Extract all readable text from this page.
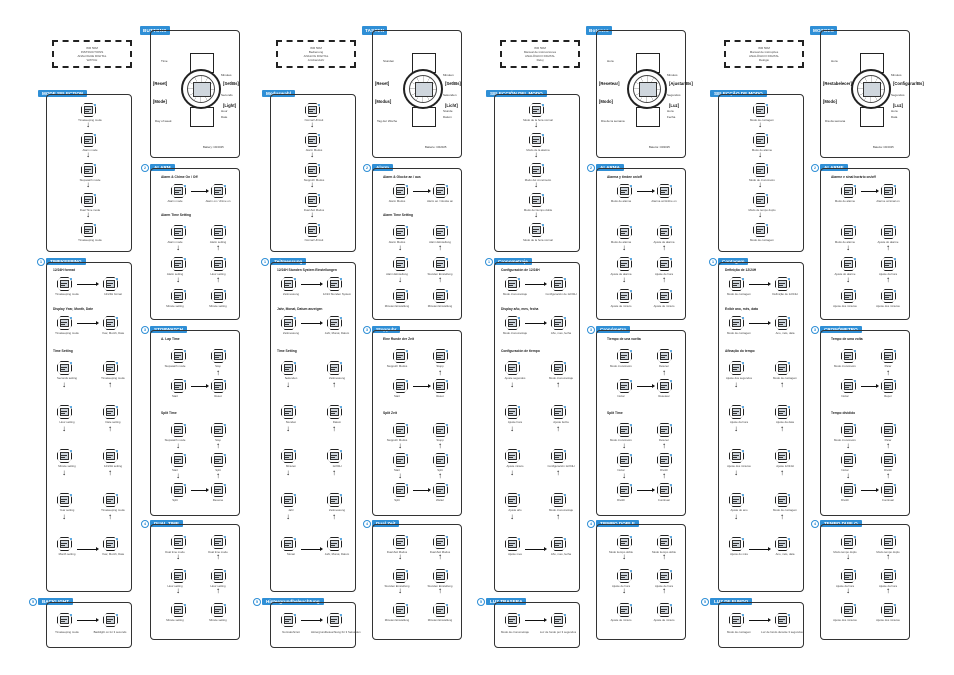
WR 50M
INSTRUCTIONS
ANALOGUE DIGITAL
WATCH
BUTTONS
[Reset]
[Mode]
[Set/Bs]
[Light]
Time
Day of week
Minutes
Seconds
Hour
Date
Battery: CR2025
MODE SELECTION
Timekeeping mode
↓
Alarm mode
↓
Stopwatch mode
↓
Dual Time mode
↓
Timekeeping mode
1	TIMEKEEPING
12/24H format
Timekeeping mode	12/24H format
Display Year, Month, Date
Timekeeping mode	Year, Month, Date
Time Setting
Seconds setting	Timekeeping mode
↓	↑
Hour setting	Date setting
↓	↑
Minute setting	12/24H setting
↓	↑
Year setting	Timekeeping mode
↓	↑
Month setting	Year, Month, Date
5	BACKLIGHT
Timekeeping mode	Backlight on for 3 seconds
2	ALARM
Alarm & Chime On / Off
Alarm mode	Alarm on / chime on
Alarm Time Setting
Alarm mode	Alarm setting
↓	↑
Alarm setting	Hour setting
↓	↑
Minute setting	Minute setting
3	STOPWATCH
A. Lap Time
Stopwatch mode	Stop
↑
Start	Reset
Split Time
Stopwatch mode	Stop
↓	↑
Start	Split
↓	↑
Split	Resume
4	DUAL TIME
Dual time mode	Dual time mode
↓	↑
Hour setting	Hour setting
↓	↑
Minute setting	Minute setting
WR 50M
Bedienung
ANALOG DIGITAL
Armbanduhr
TASTEN
[Reset]
[Modus]
[Set/Bs]
[Licht]
Stunden
Tag der Woche
Minuten
Sekunden
Stunde
Datum
Batterie: CR2025
Moduswahl
Normal Uhrzeit
↓
Alarm Modus
↓
Stoppuhr Modus
↓
Dual Zeit Modus
↓
Normal Uhrzeit
1	Zeitmessung
12/24H Stunden System Einstellungen
Zeitmessung	12/24 Stunden System
Jahr, Monat, Datum anzeigen
Zeitmessung	Jahr, Monat, Datum
Time Setting
Sekunden	Zeitmessung
↓	↑
Stunden	Datum
↓	↑
Minuten	12/24H
↓	↑
Jahr	Zeitmessung
↓	↑
Monat	Jahr, Monat, Datum
5	Hintergrundbeleuchtung
Normaluhrzeit	Hintergrundbeleuchtung für 3 Sekunden
2	Alarm
Alarm & Glocke an / aus
Alarm Modus	Alarm an / Glocke an
Alarm Time Setting
Alarm Modus	Alarm Einstellung
↓	↑
Alarm Einstellung	Stunden Einstellung
↓	↑
Minuten Einstellung	Minuten Einstellung
3	Stoppuhr
Eine Runde der Zeit
Stoppuhr Modus	Stopp
↑
Start	Reset
Split Zeit
Stoppuhr Modus	Stopp
↓	↑
Start	Split
↓	↑
Split	Weiter
4	Dual Zeit
Dual Zeit Modus	Dual Zeit Modus
↓	↑
Stunden Einstellung	Stunden Einstellung
↓	↑
Minuten Einstellung	Minuten Einstellung
WR 50M
Manual de instrucciones
ANALÓGICO DIGITAL
Reloj
Botones
[Resetear]
[Modo]
[Ajustar/Bs]
[Luz]
Hora
Día de la semana
Minutos
Segundos
Hora
Fecha
Batería: CR2025
SELECCIÓN DEL MODO
Modo de la hora normal
↓
Modo de la alarma
↓
Modo del cronómetro
↓
Modo del tiempo doble
↓
Modo de la hora normal
1	Cronometraje
Configuración de 12/24H
Modo cronometraje	Configuración de 12/24H
Display año, mes, fecha
Modo cronometraje	Año, mes, fecha
Configuración de tiempo
Ajuste segundos	Modo cronometraje
↓	↑
Ajuste hora	Ajuste fecha
↓	↑
Ajuste minuto	Configuración 12/24H
↓	↑
Ajuste año	Modo cronometraje
↓	↑
Ajuste mes	Año, mes, fecha
5	LUZ TRASERA
Modo de cronometraje	Luz de fondo por 3 segundos
2	ALARMA
Alarma y timbre on/off
Modo de alarma	Alarma on/timbre on
Modo de alarma	Ajuste de alarma
↓	↑
Ajuste de alarma	Ajuste de hora
↓	↑
Ajuste de minuto	Ajuste de minuto
3	Cronómetro
Tiempo de una vuelta
Modo cronómetro	Detener
↑
Iniciar	Resetear
Split Time
Modo cronómetro	Detener
↓	↑
Iniciar	Dividir
↓	↑
Dividir	Continuar
4	TIEMPO DOBLE
Modo tiempo doble	Modo tiempo doble
↓	↑
Ajuste de hora	Ajuste de hora
↓	↑
Ajuste de minuto	Ajuste de minuto
WR 50M
Manual de instruções
ANALÓGICO DIGITAL
Relógio
MOTOES
[Restabelecer]
[Modo]
[Configurar/Bs]
[Luz]
Hora
Dia da semana
Minutos
Segundos
Hora
Data
Bateria: CR2025
SELECÇÃO DE MODO
Modo de contagem
↓
Modo de alarme
↓
Modo de cronómetro
↓
Modo de tempo duplo
↓
Modo de contagem
1	Contagem
Definição de 12/24H
Modo de contagem	Definição de 12/24H
Exibir ano, mês, data
Modo de contagem	Ano, mês, data
Afinação do tempo
Ajuste dos segundos	Modo de contagem
↓	↑
Ajuste da hora	Ajuste da data
↓	↑
Ajuste dos minutos	Ajuste 12/24H
↓	↑
Ajuste do ano	Modo de contagem
↓	↑
Ajuste do mês	Ano, mês, data
5	LUZ DE FUNDO
Modo de contagem	Luz de fundo durante 3 segundos
2	ALARME
Alarme e sinal horário on/off
Modo de alarme	Alarme on/sinal on
Modo de alarme	Ajuste do alarme
↓	↑
Ajuste do alarme	Ajuste da hora
↓	↑
Ajuste dos minutos	Ajuste dos minutos
3	CRONÓMETRO
Tempo de uma volta
Modo cronómetro	Parar
↑
Iniciar	Repor
Tempo dividido
Modo cronómetro	Parar
↓	↑
Iniciar	Dividir
↓	↑
Dividir	Continuar
4	TEMPO DUPLO
Modo tempo duplo	Modo tempo duplo
↓	↑
Ajuste da hora	Ajuste da hora
↓	↑
Ajuste dos minutos	Ajuste dos minutos
